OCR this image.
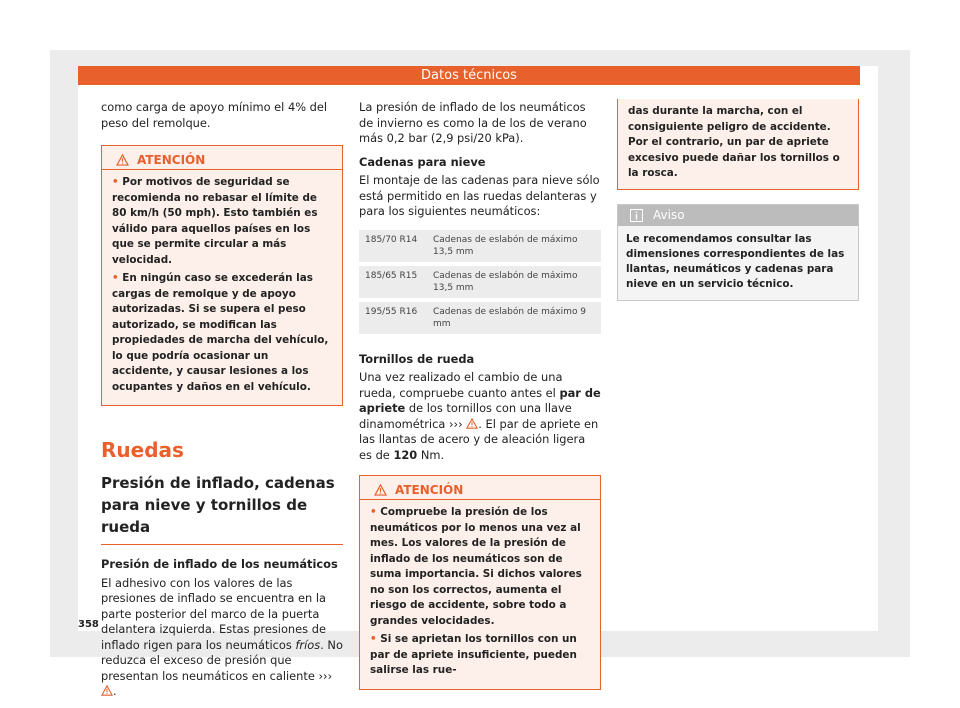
Datos técnicos

como carga de apoyo mínimo el 4% del peso del remolque.

ATENCIÓN
• Por motivos de seguridad se recomienda no rebasar el límite de 80 km/h (50 mph). Esto también es válido para aquellos países en los que se permite circular a más velocidad.
• En ningún caso se excederán las cargas de remolque y de apoyo autorizadas. Si se supera el peso autorizado, se modifican las propiedades de marcha del vehículo, lo que podría ocasionar un accidente, y causar lesiones a los ocupantes y daños en el vehículo.
Ruedas
Presión de inflado, cadenas para nieve y tornillos de rueda

Presión de inflado de los neumáticos

El adhesivo con los valores de las presiones de inflado se encuentra en la parte posterior del marco de la puerta delantera izquierda. Estas presiones de inflado rigen para los neumáticos fríos. No reduzca el exceso de presión que presentan los neumáticos en caliente ››› .

La presión de inflado de los neumáticos de invierno es como la de los de verano más 0,2 bar (2,9 psi/20 kPa).

Cadenas para nieve

El montaje de las cadenas para nieve sólo está permitido en las ruedas delanteras y para los siguientes neumáticos:

185/70 R14	Cadenas de eslabón de máximo 13,5 mm
185/65 R15	Cadenas de eslabón de máximo 13,5 mm
195/55 R16	Cadenas de eslabón de máximo 9 mm

Tornillos de rueda

Una vez realizado el cambio de una rueda, compruebe cuanto antes el par de apriete de los tornillos con una llave dinamométrica ››› . El par de apriete en las llantas de acero y de aleación ligera es de 120 Nm.

ATENCIÓN
• Compruebe la presión de los neumáticos por lo menos una vez al mes. Los valores de la presión de inflado de los neumáticos son de suma importancia. Si dichos valores no son los correctos, aumenta el riesgo de accidente, sobre todo a grandes velocidades.
• Si se aprietan los tornillos con un par de apriete insuficiente, pueden salirse las rue-
das durante la marcha, con el consiguiente peligro de accidente. Por el contrario, un par de apriete excesivo puede dañar los tornillos o la rosca.
Aviso
Le recomendamos consultar las dimensiones correspondientes de las llantas, neumáticos y cadenas para nieve en un servicio técnico.
358
